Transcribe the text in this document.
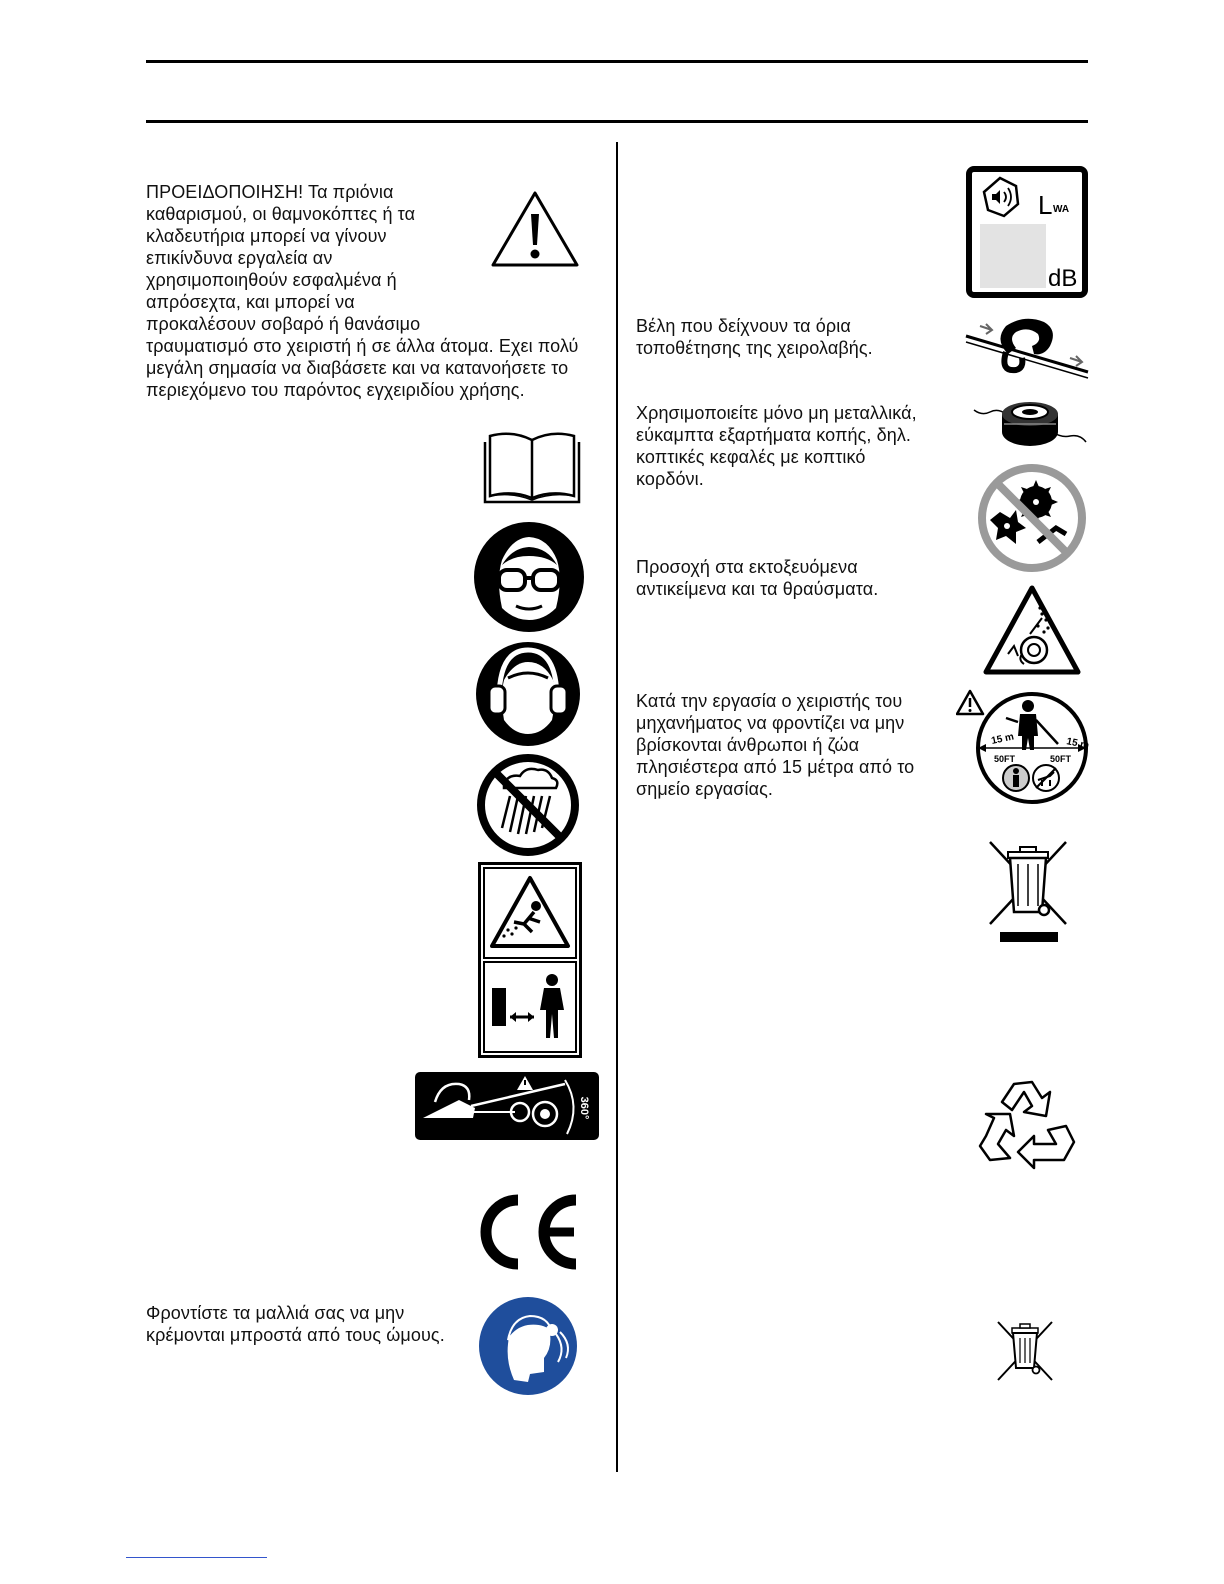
ΠΡΟΕΙΔΟΠΟΙΗΣΗ! Τα πριόνια
καθαρισμού, οι θαμνοκόπτες ή τα
κλαδευτήρια μπορεί να γίνουν
επικίνδυνα εργαλεία αν
χρησιμοποιηθούν εσφαλμένα ή
απρόσεχτα, και μπορεί να
προκαλέσουν σοβαρό ή θανάσιμο
τραυματισμό στο χειριστή ή σε άλλα άτομα. Εχει πολύ
μεγάλη σημασία να διαβάσετε και να κατανοήσετε το
περιεχόμενο του παρόντος εγχειριδίου χρήσης.
360°
Φροντίστε τα μαλλιά σας να μην
κρέμονται μπροστά από τους ώμους.
L WA
dB
Βέλη που δείχνουν τα όρια
τοποθέτησης της χειρολαβής.
Χρησιμοποιείτε μόνο μη μεταλλικά,
εύκαμπτα εξαρτήματα κοπής, δηλ.
κοπτικές κεφαλές με κοπτικό
κορδόνι.
Προσοχή στα εκτοξευόμενα
αντικείμενα και τα θραύσματα.
Κατά την εργασία ο χειριστής του
μηχανήματος να φροντίζει να μην
βρίσκονται άνθρωποι ή ζώα
πλησιέστερα από 15 μέτρα από το
σημείο εργασίας.
15 m	15 m
50FT	50FT
